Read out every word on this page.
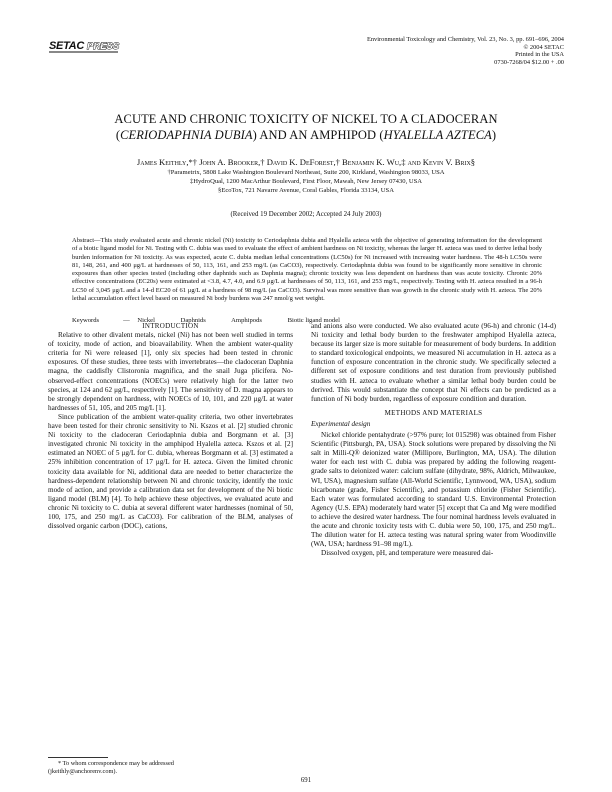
SETAC PRESS
Environmental Toxicology and Chemistry, Vol. 23, No. 3, pp. 691–696, 2004
© 2004 SETAC
Printed in the USA
0730-7268/04 $12.00 + .00
ACUTE AND CHRONIC TOXICITY OF NICKEL TO A CLADOCERAN
(CERIODAPHNIA DUBIA) AND AN AMPHIPOD (HYALELLA AZTECA)
James Keithly,*† John A. Brooker,† David K. DeForest,† Benjamin K. Wu,‡ and Kevin V. Brix§
†Parametrix, 5808 Lake Washington Boulevard Northeast, Suite 200, Kirkland, Washington 98033, USA
‡HydroQual, 1200 MacArthur Boulevard, First Floor, Mawah, New Jersey 07430, USA
§EcoTox, 721 Navarre Avenue, Coral Gables, Florida 33134, USA
(Received 19 December 2002; Accepted 24 July 2003)
Abstract—This study evaluated acute and chronic nickel (Ni) toxicity to Ceriodaphnia dubia and Hyalella azteca with the objective of generating information for the development of a biotic ligand model for Ni. Testing with C. dubia was used to evaluate the effect of ambient hardness on Ni toxicity, whereas the larger H. azteca was used to derive lethal body burden information for Ni toxicity. As was expected, acute C. dubia median lethal concentrations (LC50s) for Ni increased with increasing water hardness. The 48-h LC50s were 81, 148, 261, and 400 μg/L at hardnesses of 50, 113, 161, and 253 mg/L (as CaCO3), respectively. Ceriodaphnia dubia was found to be significantly more sensitive in chronic exposures than other species tested (including other daphnids such as Daphnia magna); chronic toxicity was less dependent on hardness than was acute toxicity. Chronic 20% effective concentrations (EC20s) were estimated at <3.8, 4.7, 4.0, and 6.9 μg/L at hardnesses of 50, 113, 161, and 253 mg/L, respectively. Testing with H. azteca resulted in a 96-h LC50 of 3,045 μg/L and a 14-d EC20 of 61 μg/L at a hardness of 98 mg/L (as CaCO3). Survival was more sensitive than was growth in the chronic study with H. azteca. The 20% lethal accumulation effect level based on measured Ni body burdens was 247 nmol/g wet weight.
Keywords	— Nickel	Daphnids	Amphipods	Biotic ligand model
INTRODUCTION

Relative to other divalent metals, nickel (Ni) has not been well studied in terms of toxicity, mode of action, and bioavailability. When the ambient water-quality criteria for Ni were released [1], only six species had been tested in chronic exposures. Of these studies, three tests with invertebrates—the cladoceran Daphnia magna, the caddisfly Clistoronia magnifica, and the snail Juga plicifera. No-observed-effect concentrations (NOECs) were relatively high for the latter two species, at 124 and 62 μg/L, respectively [1]. The sensitivity of D. magna appears to be strongly dependent on hardness, with NOECs of 10, 101, and 220 μg/L at water hardnesses of 51, 105, and 205 mg/L [1].

Since publication of the ambient water-quality criteria, two other invertebrates have been tested for their chronic sensitivity to Ni. Kszos et al. [2] studied chronic Ni toxicity to the cladoceran Ceriodaphnia dubia and Borgmann et al. [3] investigated chronic Ni toxicity in the amphipod Hyalella azteca. Kszos et al. [2] estimated an NOEC of 5 μg/L for C. dubia, whereas Borgmann et al. [3] estimated a 25% inhibition concentration of 17 μg/L for H. azteca. Given the limited chronic toxicity data available for Ni, additional data are needed to better characterize the hardness-dependent relationship between Ni and chronic toxicity, identify the toxic mode of action, and provide a calibration data set for development of the Ni biotic ligand model (BLM) [4]. To help achieve these objectives, we evaluated acute and chronic Ni toxicity to C. dubia at several different water hardnesses (nominal of 50, 100, 175, and 250 mg/L as CaCO3). For calibration of the BLM, analyses of dissolved organic carbon (DOC), cations,

* To whom correspondence may be addressed
(jkeithly@anchorenv.com).

and anions also were conducted. We also evaluated acute (96-h) and chronic (14-d) Ni toxicity and lethal body burden to the freshwater amphipod Hyalella azteca, because its larger size is more suitable for measurement of body burdens. In addition to standard toxicological endpoints, we measured Ni accumulation in H. azteca as a function of exposure concentration in the chronic study. We specifically selected a different set of exposure conditions and test duration from previously published studies with H. azteca to evaluate whether a similar lethal body burden could be derived. This would substantiate the concept that Ni effects can be predicted as a function of Ni body burden, regardless of exposure condition and duration.

METHODS AND MATERIALS
Experimental design

Nickel chloride pentahydrate (>97% pure; lot 015298) was obtained from Fisher Scientific (Pittsburgh, PA, USA). Stock solutions were prepared by dissolving the Ni salt in Milli-Q® deionized water (Millipore, Burlington, MA, USA). The dilution water for each test with C. dubia was prepared by adding the following reagent-grade salts to deionized water: calcium sulfate (dihydrate, 98%, Aldrich, Milwaukee, WI, USA), magnesium sulfate (All-World Scientific, Lynnwood, WA, USA), sodium bicarbonate (grade, Fisher Scientific), and potassium chloride (Fisher Scientific). Each water was formulated according to standard U.S. Environmental Protection Agency (U.S. EPA) moderately hard water [5] except that Ca and Mg were modified to achieve the desired water hardness. The four nominal hardness levels evaluated in the acute and chronic toxicity tests with C. dubia were 50, 100, 175, and 250 mg/L. The dilution water for H. azteca testing was natural spring water from Woodinville (WA, USA; hardness 91–98 mg/L).

Dissolved oxygen, pH, and temperature were measured dai-

691
